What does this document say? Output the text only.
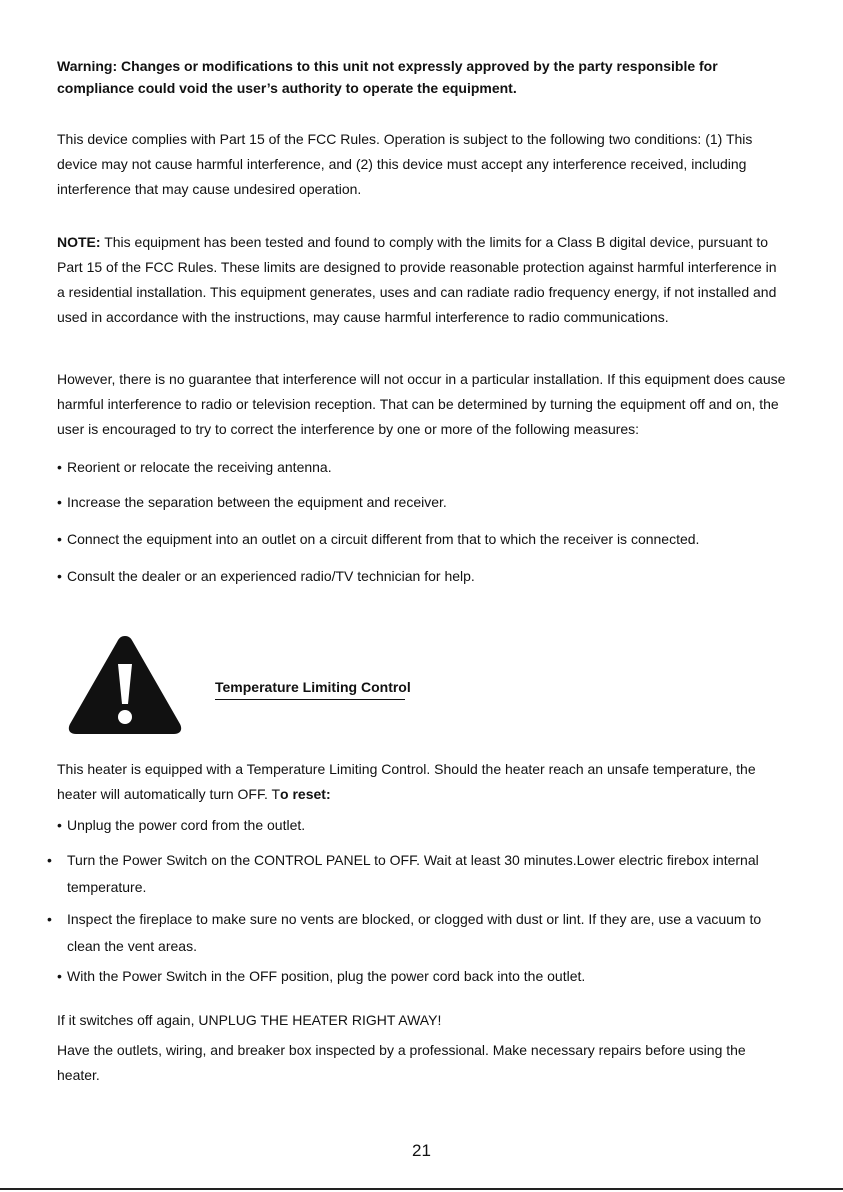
Warning: Changes or modifications to this unit not expressly approved by the party responsible for compliance could void the user’s authority to operate the equipment.

This device complies with Part 15 of the FCC Rules. Operation is subject to the following two conditions: (1) This device may not cause harmful interference, and (2) this device must accept any interference received, including interference that may cause undesired operation.

NOTE: This equipment has been tested and found to comply with the limits for a Class B digital device, pursuant to Part 15 of the FCC Rules. These limits are designed to provide reasonable protection against harmful interference in a residential installation. This equipment generates, uses and can radiate radio frequency energy, if not installed and used in accordance with the instructions, may cause harmful interference to radio communications.

However, there is no guarantee that interference will not occur in a particular installation. If this equipment does cause harmful interference to radio or television reception. That can be determined by turning the equipment off and on, the user is encouraged to try to correct the interference by one or more of the following measures:

• Reorient or relocate the receiving antenna.
• Increase the separation between the equipment and receiver.
• Connect the equipment into an outlet on a circuit different from that to which the receiver is connected.
• Consult the dealer or an experienced radio/TV technician for help.
Temperature Limiting Control

This heater is equipped with a Temperature Limiting Control. Should the heater reach an unsafe temperature, the heater will automatically turn OFF. To reset:

• Unplug the power cord from the outlet.
• Turn the Power Switch on the CONTROL PANEL to OFF. Wait at least 30 minutes.Lower electric firebox internal temperature.
• Inspect the fireplace to make sure no vents are blocked, or clogged with dust or lint. If they are, use a vacuum to clean the vent areas.
• With the Power Switch in the OFF position, plug the power cord back into the outlet.

If it switches off again, UNPLUG THE HEATER RIGHT AWAY!

Have the outlets, wiring, and breaker box inspected by a professional. Make necessary repairs before using the heater.

21
